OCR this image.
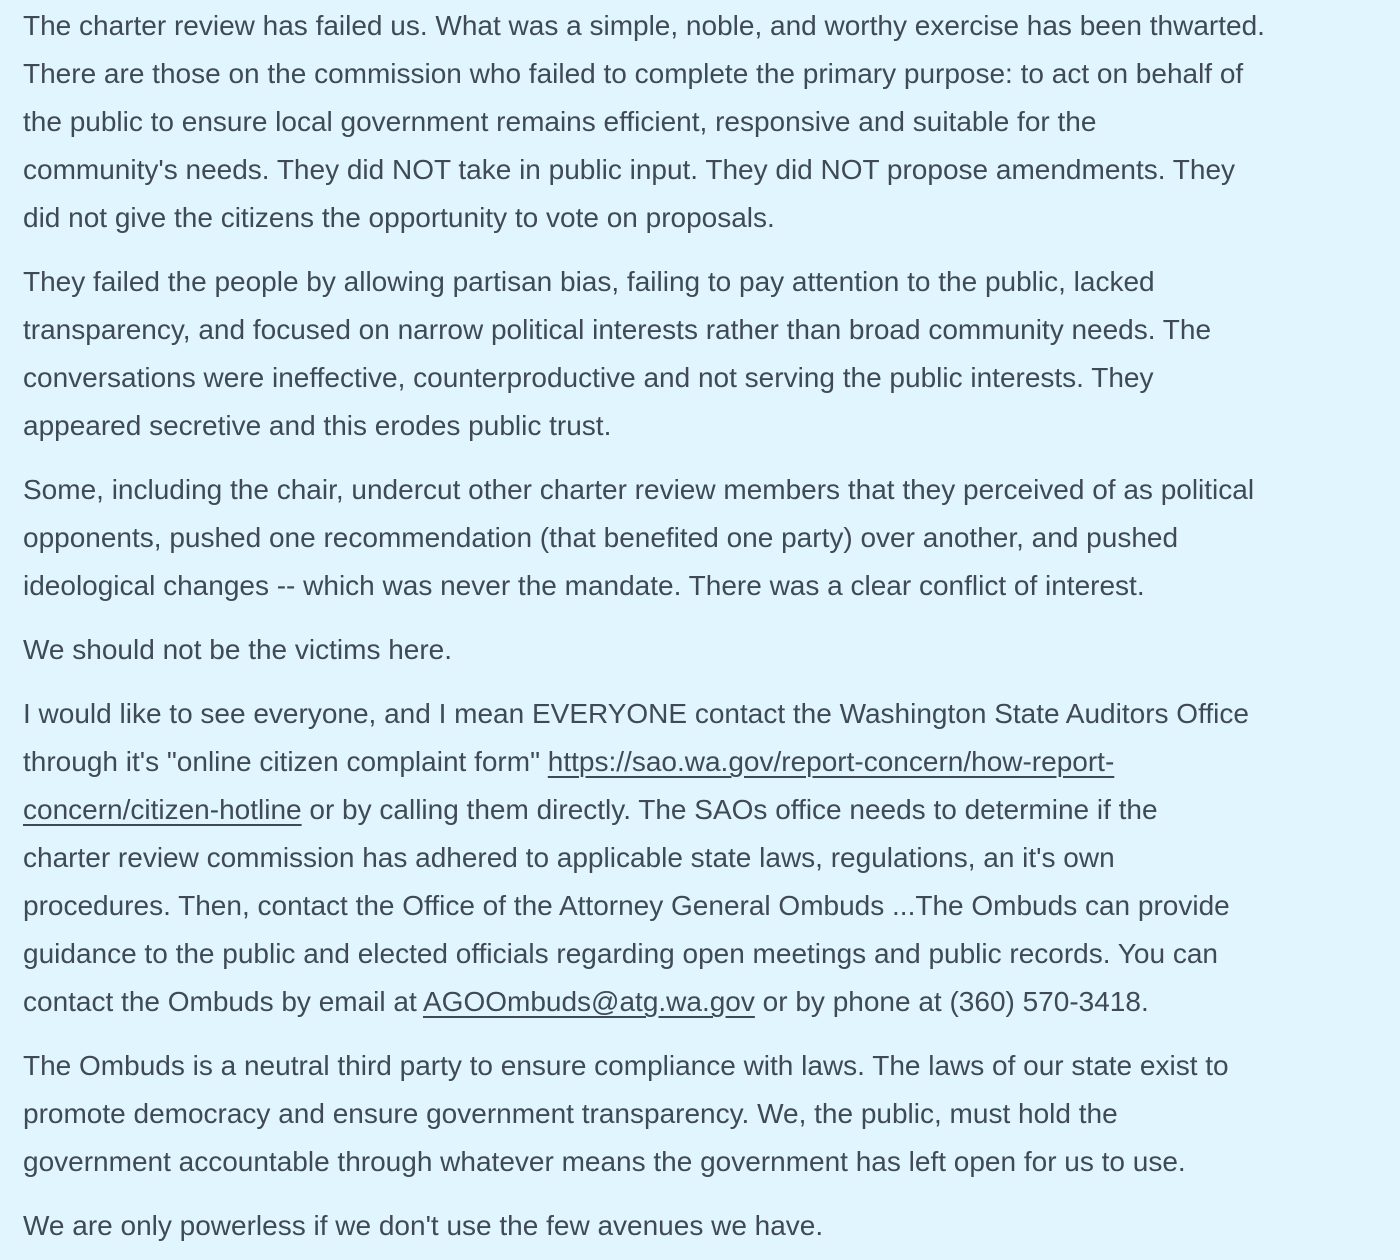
The charter review has failed us. What was a simple, noble, and worthy exercise has been thwarted.
There are those on the commission who failed to complete the primary purpose: to act on behalf of
the public to ensure local government remains efficient, responsive and suitable for the
community's needs. They did NOT take in public input. They did NOT propose amendments. They
did not give the citizens the opportunity to vote on proposals.

They failed the people by allowing partisan bias, failing to pay attention to the public, lacked
transparency, and focused on narrow political interests rather than broad community needs. The
conversations were ineffective, counterproductive and not serving the public interests. They
appeared secretive and this erodes public trust.

Some, including the chair, undercut other charter review members that they perceived of as political
opponents, pushed one recommendation (that benefited one party) over another, and pushed
ideological changes -- which was never the mandate. There was a clear conflict of interest.

We should not be the victims here.

I would like to see everyone, and I mean EVERYONE contact the Washington State Auditors Office
through it's "online citizen complaint form" https://sao.wa.gov/report-concern/how-report-
concern/citizen-hotline or by calling them directly. The SAOs office needs to determine if the
charter review commission has adhered to applicable state laws, regulations, an it's own
procedures. Then, contact the Office of the Attorney General Ombuds ...The Ombuds can provide
guidance to the public and elected officials regarding open meetings and public records. You can
contact the Ombuds by email at AGOOmbuds@atg.wa.gov or by phone at (360) 570-3418.

The Ombuds is a neutral third party to ensure compliance with laws. The laws of our state exist to
promote democracy and ensure government transparency. We, the public, must hold the
government accountable through whatever means the government has left open for us to use.

We are only powerless if we don't use the few avenues we have.
